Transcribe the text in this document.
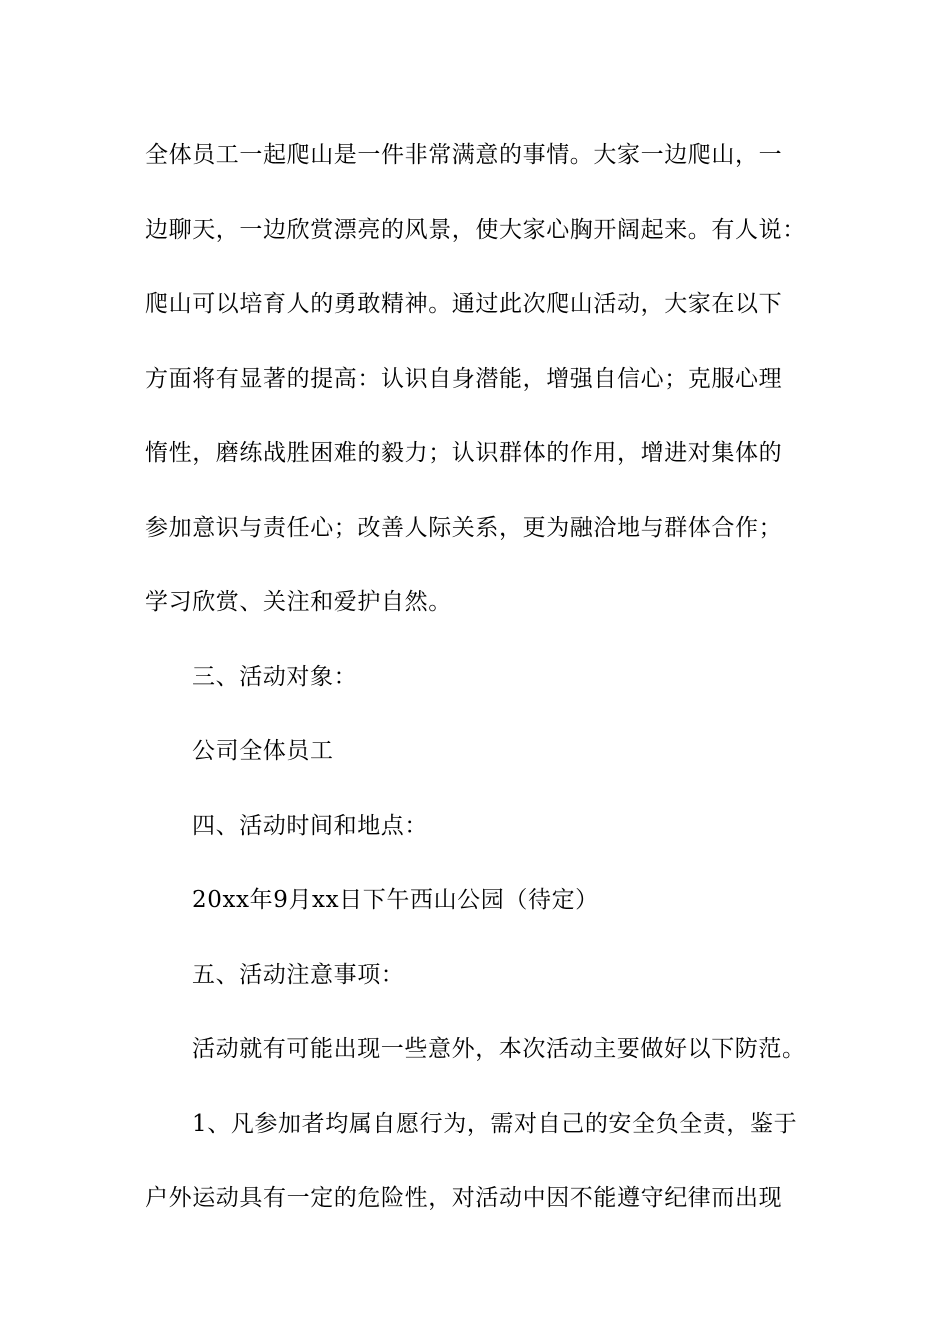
全体员工一起爬山是一件非常满意的事情。大家一边爬山，一
边聊天，一边欣赏漂亮的风景，使大家心胸开阔起来。有人说：
爬山可以培育人的勇敢精神。通过此次爬山活动，大家在以下
方面将有显著的提高：认识自身潜能，增强自信心；克服心理
惰性，磨练战胜困难的毅力；认识群体的作用，增进对集体的
参加意识与责任心；改善人际关系，更为融洽地与群体合作；
学习欣赏、关注和爱护自然。
三、活动对象：
公司全体员工
四、活动时间和地点：
20xx年9月xx日下午西山公园（待定）
五、活动注意事项：
活动就有可能出现一些意外，本次活动主要做好以下防范。
1、凡参加者均属自愿行为，需对自己的安全负全责，鉴于
户外运动具有一定的危险性，对活动中因不能遵守纪律而出现
